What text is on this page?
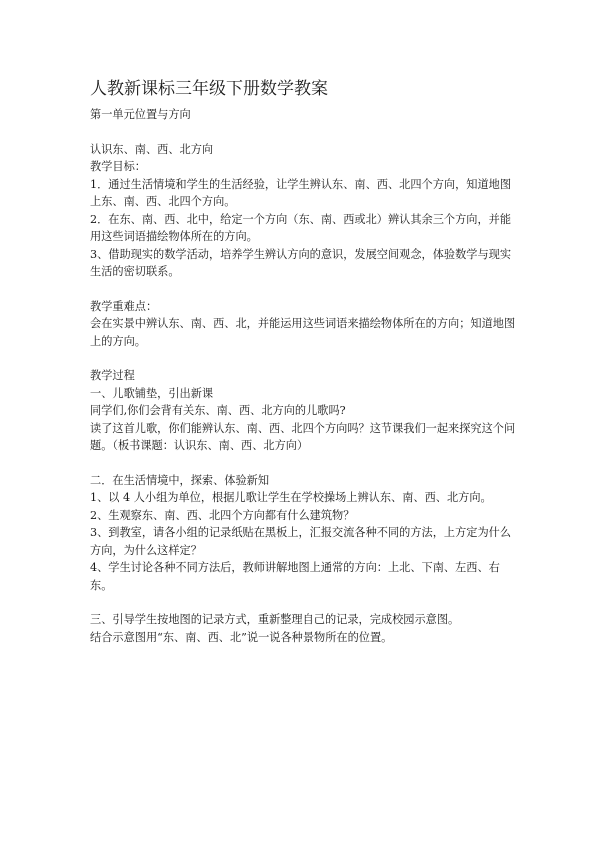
人教新课标三年级下册数学教案

第一单元位置与方向

认识东、南、西、北方向

教学目标：

1．通过生活情境和学生的生活经验，让学生辨认东、南、西、北四个方向，知道地图上东、南、西、北四个方向。

2．在东、南、西、北中，给定一个方向（东、南、西或北）辨认其余三个方向，并能用这些词语描绘物体所在的方向。

3、借助现实的数学活动，培养学生辨认方向的意识，发展空间观念，体验数学与现实生活的密切联系。

教学重难点：

会在实景中辨认东、南、西、北，并能运用这些词语来描绘物体所在的方向；知道地图上的方向。

教学过程

一、儿歌铺垫，引出新课

同学们,你们会背有关东、南、西、北方向的儿歌吗?

读了这首儿歌，你们能辨认东、南、西、北四个方向吗？这节课我们一起来探究这个问题。（板书课题：认识东、南、西、北方向）

二．在生活情境中，探索、体验新知

1、以 4 人小组为单位，根据儿歌让学生在学校操场上辨认东、南、西、北方向。

2、生观察东、南、西、北四个方向都有什么建筑物？

3、到教室，请各小组的记录纸贴在黑板上，汇报交流各种不同的方法，上方定为什么方向，为什么这样定？

4、学生讨论各种不同方法后，教师讲解地图上通常的方向：上北、下南、左西、右东。

三、引导学生按地图的记录方式，重新整理自己的记录，完成校园示意图。

结合示意图用“东、南、西、北”说一说各种景物所在的位置。
